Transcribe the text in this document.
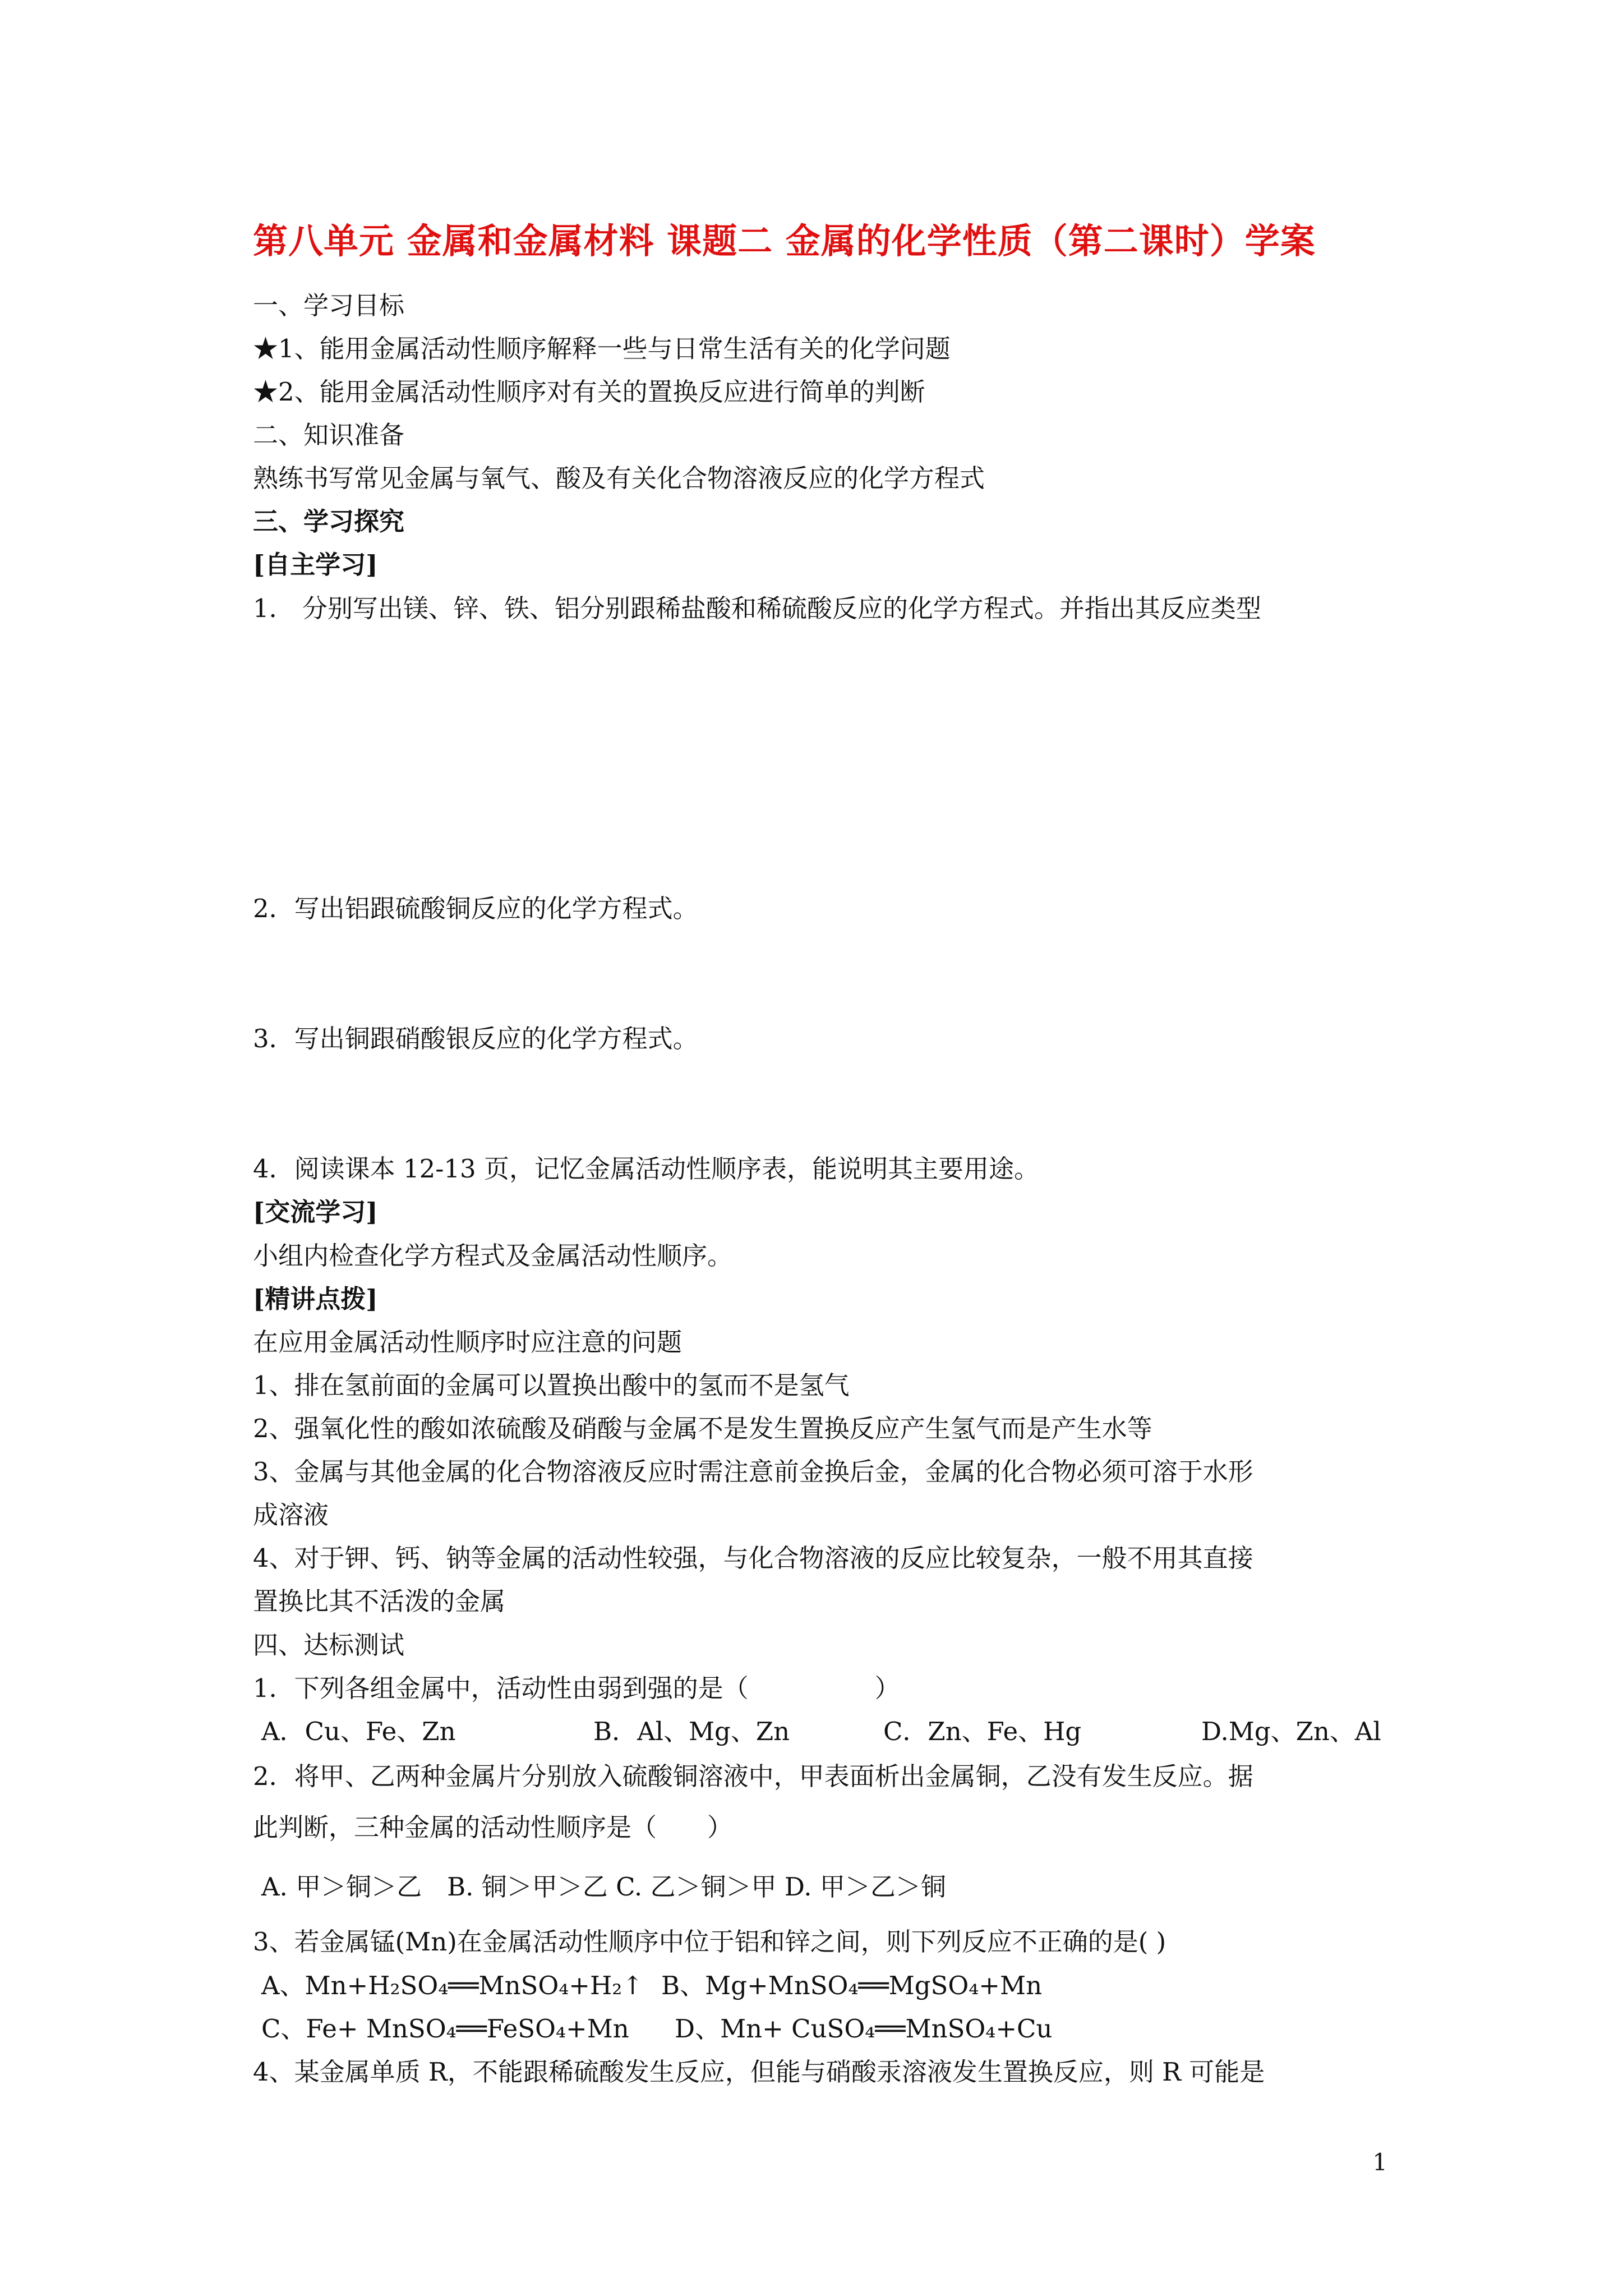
第八单元 金属和金属材料 课题二 金属的化学性质（第二课时）学案
一、学习目标
★1、能用金属活动性顺序解释一些与日常生活有关的化学问题
★2、能用金属活动性顺序对有关的置换反应进行简单的判断
二、知识准备
熟练书写常见金属与氧气、酸及有关化合物溶液反应的化学方程式
三、学习探究
[自主学习]
1． 分别写出镁、锌、铁、铝分别跟稀盐酸和稀硫酸反应的化学方程式。并指出其反应类型
2．写出铝跟硫酸铜反应的化学方程式。
3．写出铜跟硝酸银反应的化学方程式。
4．阅读课本 12-13 页，记忆金属活动性顺序表，能说明其主要用途。
[交流学习]
小组内检查化学方程式及金属活动性顺序。
[精讲点拨]
在应用金属活动性顺序时应注意的问题
1、排在氢前面的金属可以置换出酸中的氢而不是氢气
2、强氧化性的酸如浓硫酸及硝酸与金属不是发生置换反应产生氢气而是产生水等
3、金属与其他金属的化合物溶液反应时需注意前金换后金，金属的化合物必须可溶于水形
成溶液
4、对于钾、钙、钠等金属的活动性较强，与化合物溶液的反应比较复杂，一般不用其直接
置换比其不活泼的金属
四、达标测试
1．下列各组金属中，活动性由弱到强的是（　　　　　）
A．Cu、Fe、Zn	B．Al、Mg、Zn	C．Zn、Fe、Hg	D.Mg、Zn、Al
2．将甲、乙两种金属片分别放入硫酸铜溶液中，甲表面析出金属铜，乙没有发生反应。据
此判断，三种金属的活动性顺序是（　　）
A. 甲＞铜＞乙　B. 铜＞甲＞乙 C. 乙＞铜＞甲 D. 甲＞乙＞铜
3、若金属锰(Mn)在金属活动性顺序中位于铝和锌之间，则下列反应不正确的是( )
A、Mn+H₂SO₄══MnSO₄+H₂↑ B、Mg+MnSO₄══MgSO₄+Mn
C、Fe+ MnSO₄══FeSO₄+Mn D、Mn+ CuSO₄══MnSO₄+Cu
4、某金属单质 R，不能跟稀硫酸发生反应，但能与硝酸汞溶液发生置换反应，则 R 可能是
1
